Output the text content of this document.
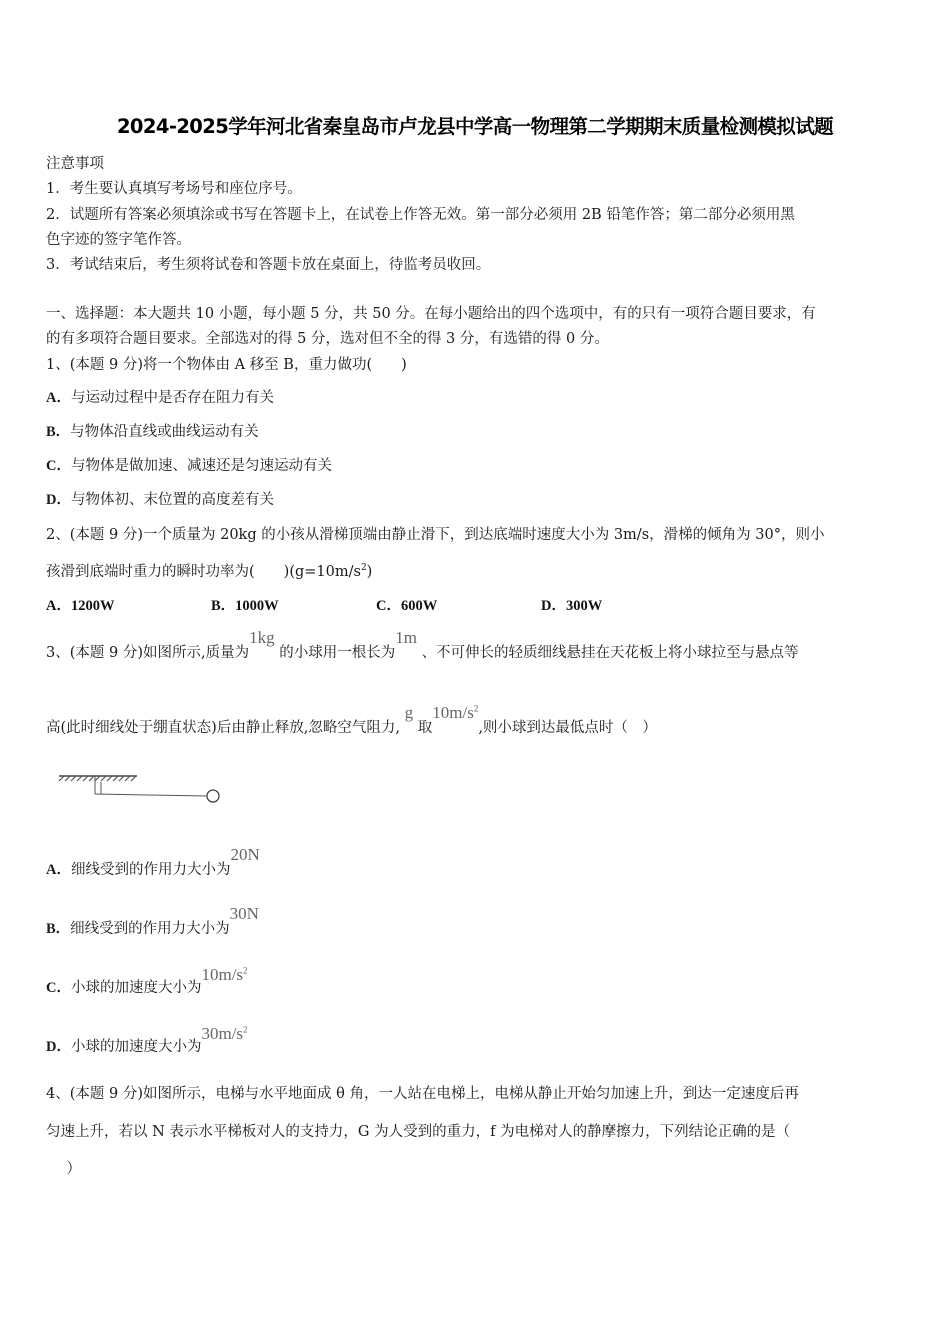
2024-2025学年河北省秦皇岛市卢龙县中学高一物理第二学期期末质量检测模拟试题
注意事项
1．考生要认真填写考场号和座位序号。
2．试题所有答案必须填涂或书写在答题卡上，在试卷上作答无效。第一部分必须用 2B 铅笔作答；第二部分必须用黑
色字迹的签字笔作答。
3．考试结束后，考生须将试卷和答题卡放在桌面上，待监考员收回。
一、选择题：本大题共 10 小题，每小题 5 分，共 50 分。在每小题给出的四个选项中，有的只有一项符合题目要求，有
的有多项符合题目要求。全部选对的得 5 分，选对但不全的得 3 分，有选错的得 0 分。
1、(本题 9 分)将一个物体由 A 移至 B，重力做功(　　)
A．与运动过程中是否存在阻力有关
B．与物体沿直线或曲线运动有关
C．与物体是做加速、减速还是匀速运动有关
D．与物体初、末位置的高度差有关
2、(本题 9 分)一个质量为 20kg 的小孩从滑梯顶端由静止滑下，到达底端时速度大小为 3m/s，滑梯的倾角为 30°，则小
孩滑到底端时重力的瞬时功率为(　　)$(g=10m/s^2)$
A．1200W	B．1000W	C．600W	D．300W
3、(本题 9 分)如图所示,质量为1kg 的小球用一根长为1m 、不可伸长的轻质细线悬挂在天花板上将小球拉至与悬点等
高(此时细线处于绷直状态)后由静止释放,忽略空气阻力, g 取$10m/s^2$,则小球到达最低点时（　）
A．细线受到的作用力大小为20N
B．细线受到的作用力大小为30N
C．小球的加速度大小为$10m/s^2$
D．小球的加速度大小为$30m/s^2$
4、(本题 9 分)如图所示，电梯与水平地面成 θ 角，一人站在电梯上，电梯从静止开始匀加速上升，到达一定速度后再
匀速上升，若以 N 表示水平梯板对人的支持力，G 为人受到的重力，f 为电梯对人的静摩擦力，下列结论正确的是（
　）
